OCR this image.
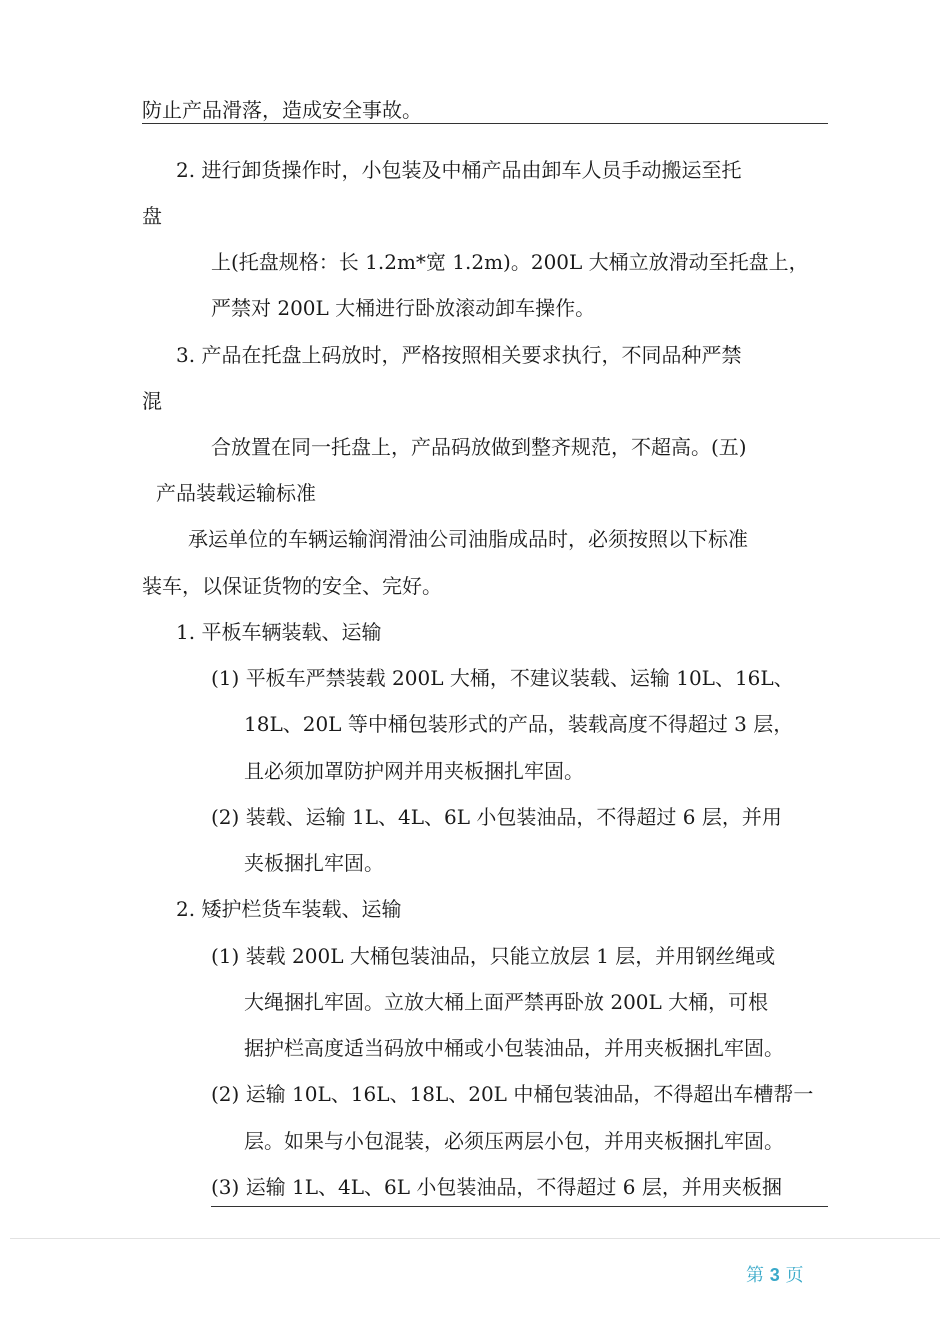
防止产品滑落，造成安全事故。

2. 进行卸货操作时，小包装及中桶产品由卸车人员手动搬运至托

盘

上(托盘规格：长 1.2m*宽 1.2m)。200L 大桶立放滑动至托盘上，

严禁对 200L 大桶进行卧放滚动卸车操作。

3. 产品在托盘上码放时，严格按照相关要求执行，不同品种严禁

混

合放置在同一托盘上，产品码放做到整齐规范，不超高。(五)

产品装载运输标准

承运单位的车辆运输润滑油公司油脂成品时，必须按照以下标准

装车，以保证货物的安全、完好。

1. 平板车辆装载、运输

(1) 平板车严禁装载 200L 大桶，不建议装载、运输 10L、16L、

18L、20L 等中桶包装形式的产品，装载高度不得超过 3 层，

且必须加罩防护网并用夹板捆扎牢固。

(2) 装载、运输 1L、4L、6L 小包装油品，不得超过 6 层，并用

夹板捆扎牢固。

2. 矮护栏货车装载、运输

(1) 装载 200L 大桶包装油品，只能立放层 1 层，并用钢丝绳或

大绳捆扎牢固。立放大桶上面严禁再卧放 200L 大桶，可根

据护栏高度适当码放中桶或小包装油品，并用夹板捆扎牢固。

(2) 运输 10L、16L、18L、20L 中桶包装油品，不得超出车槽帮一

层。如果与小包混装，必须压两层小包，并用夹板捆扎牢固。

(3) 运输 1L、4L、6L 小包装油品，不得超过 6 层，并用夹板捆

第 3 页
